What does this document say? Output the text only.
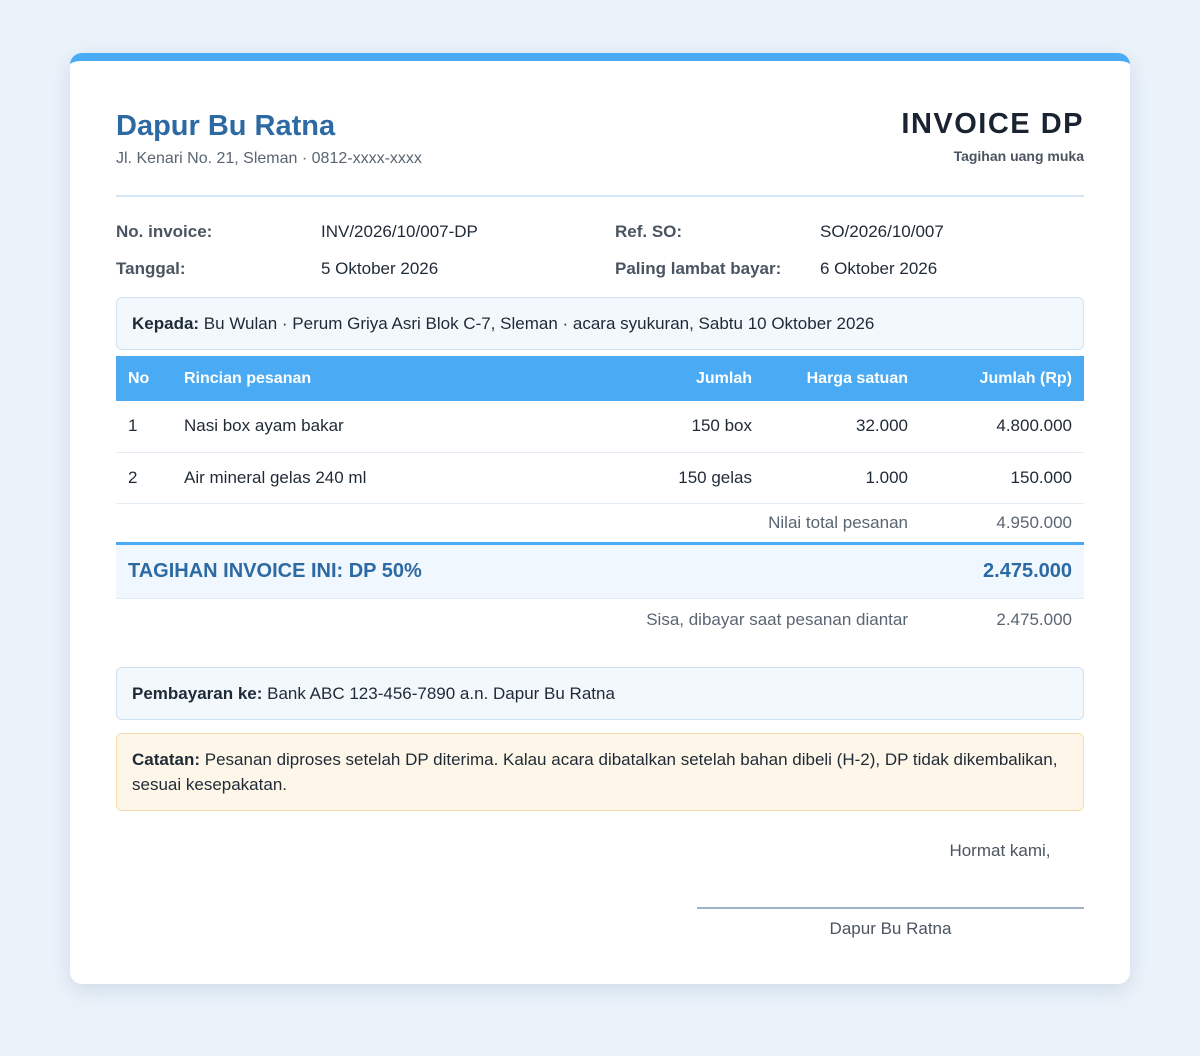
Dapur Bu Ratna
Jl. Kenari No. 21, Sleman · 0812-xxxx-xxxx
INVOICE DP
Tagihan uang muka
No. invoice:	INV/2026/10/007-DP	Ref. SO:	SO/2026/10/007
Tanggal:	5 Oktober 2026	Paling lambat bayar: 6 Oktober 2026
Kepada: Bu Wulan · Perum Griya Asri Blok C-7, Sleman · acara syukuran, Sabtu 10 Oktober 2026
No	Rincian pesanan	Jumlah	Harga satuan	Jumlah (Rp)
1	Nasi box ayam bakar	150 box	32.000	4.800.000
2	Air mineral gelas 240 ml	150 gelas	1.000	150.000
Nilai total pesanan				4.950.000
TAGIHAN INVOICE INI: DP 50%				2.475.000
Sisa, dibayar saat pesanan diantar				2.475.000
Pembayaran ke: Bank ABC 123-456-7890 a.n. Dapur Bu Ratna
Catatan: Pesanan diproses setelah DP diterima. Kalau acara dibatalkan setelah bahan dibeli (H-2), DP tidak dikembalikan, sesuai kesepakatan.
Hormat kami,
Dapur Bu Ratna
